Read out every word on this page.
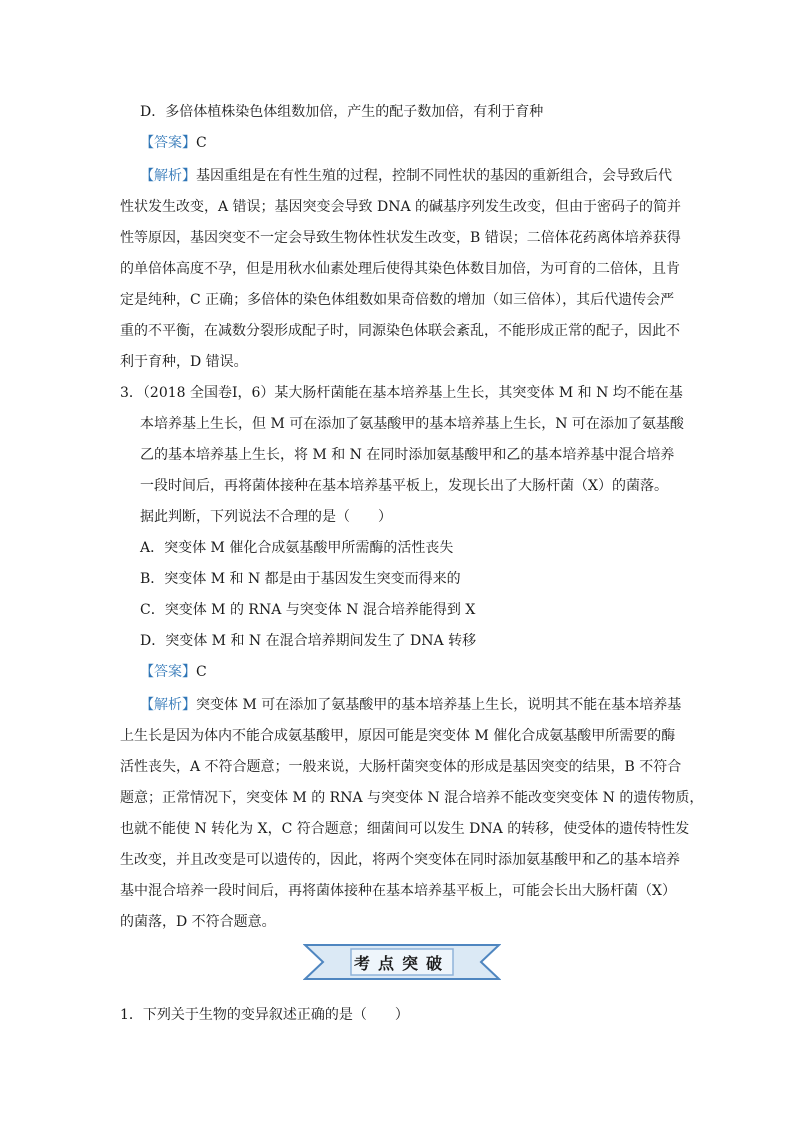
D．多倍体植株染色体组数加倍，产生的配子数加倍，有利于育种
【答案】C
【解析】基因重组是在有性生殖的过程，控制不同性状的基因的重新组合，会导致后代
性状发生改变，A 错误；基因突变会导致 DNA 的碱基序列发生改变，但由于密码子的简并
性等原因，基因突变不一定会导致生物体性状发生改变，B 错误；二倍体花药离体培养获得
的单倍体高度不孕，但是用秋水仙素处理后使得其染色体数目加倍，为可育的二倍体，且肯
定是纯种，C 正确；多倍体的染色体组数如果奇倍数的增加（如三倍体），其后代遗传会严
重的不平衡，在减数分裂形成配子时，同源染色体联会紊乱，不能形成正常的配子，因此不
利于育种，D 错误。
3．（2018 全国卷Ⅰ，6）某大肠杆菌能在基本培养基上生长，其突变体 M 和 N 均不能在基
本培养基上生长，但 M 可在添加了氨基酸甲的基本培养基上生长，N 可在添加了氨基酸
乙的基本培养基上生长，将 M 和 N 在同时添加氨基酸甲和乙的基本培养基中混合培养
一段时间后，再将菌体接种在基本培养基平板上，发现长出了大肠杆菌（X）的菌落。
据此判断，下列说法不合理的是（　　）
A．突变体 M 催化合成氨基酸甲所需酶的活性丧失
B．突变体 M 和 N 都是由于基因发生突变而得来的
C．突变体 M 的 RNA 与突变体 N 混合培养能得到 X
D．突变体 M 和 N 在混合培养期间发生了 DNA 转移
【答案】C
【解析】突变体 M 可在添加了氨基酸甲的基本培养基上生长，说明其不能在基本培养基
上生长是因为体内不能合成氨基酸甲，原因可能是突变体 M 催化合成氨基酸甲所需要的酶
活性丧失，A 不符合题意；一般来说，大肠杆菌突变体的形成是基因突变的结果，B 不符合
题意；正常情况下，突变体 M 的 RNA 与突变体 N 混合培养不能改变突变体 N 的遗传物质，
也就不能使 N 转化为 X，C 符合题意；细菌间可以发生 DNA 的转移，使受体的遗传特性发
生改变，并且改变是可以遗传的，因此，将两个突变体在同时添加氨基酸甲和乙的基本培养
基中混合培养一段时间后，再将菌体接种在基本培养基平板上，可能会长出大肠杆菌（X）
的菌落，D 不符合题意。
考点突破
1．下列关于生物的变异叙述正确的是（　　）
